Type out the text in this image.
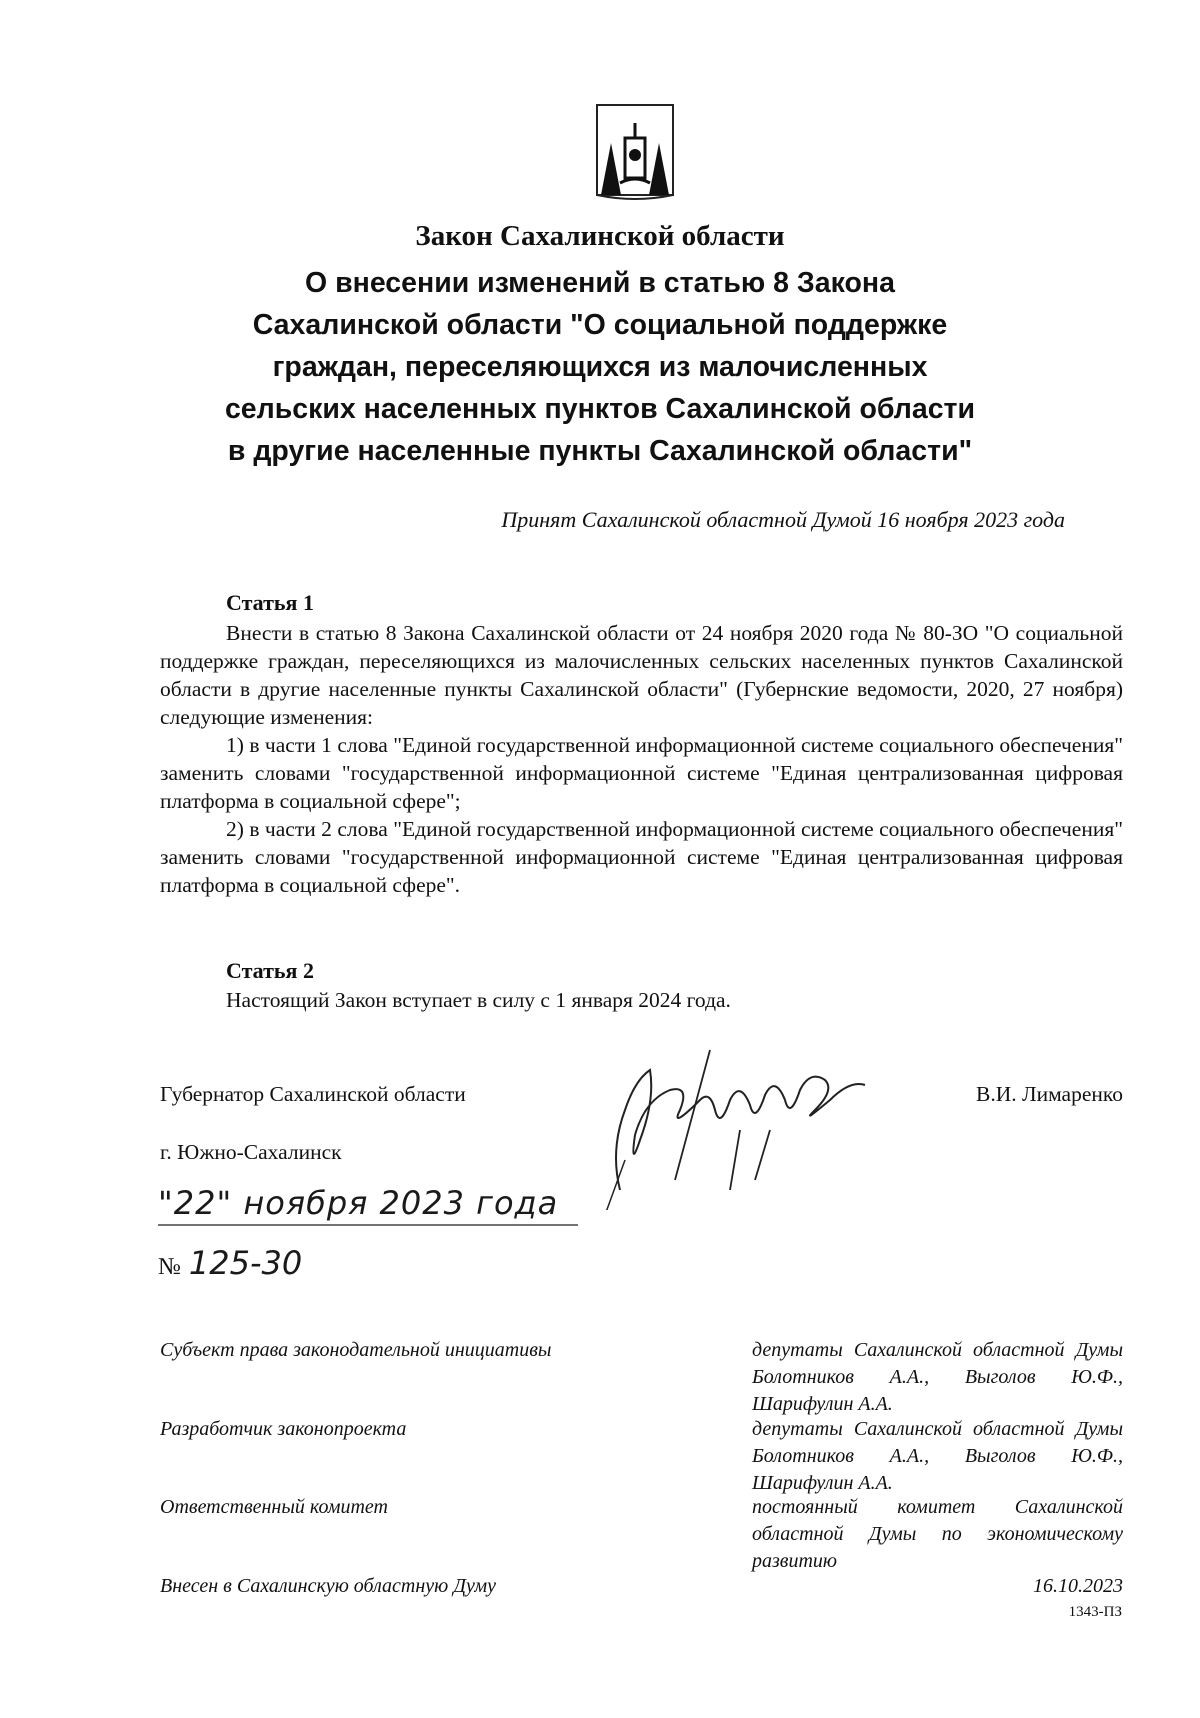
Закон Сахалинской области
О внесении изменений в статью 8 Закона
Сахалинской области "О социальной поддержке
граждан, переселяющихся из малочисленных
сельских населенных пунктов Сахалинской области
в другие населенные пункты Сахалинской области"
Принят Сахалинской областной Думой 16 ноября 2023 года
Статья 1

Внести в статью 8 Закона Сахалинской области от 24 ноября 2020 года № 80-ЗО "О социальной поддержке граждан, переселяющихся из малочисленных сельских населенных пунктов Сахалинской области в другие населенные пункты Сахалинской области" (Губернские ведомости, 2020, 27 ноября) следующие изменения:

1) в части 1 слова "Единой государственной информационной системе социального обеспечения" заменить словами "государственной информационной системе "Единая централизованная цифровая платформа в социальной сфере";

2) в части 2 слова "Единой государственной информационной системе социального обеспечения" заменить словами "государственной информационной системе "Единая централизованная цифровая платформа в социальной сфере".

Статья 2

Настоящий Закон вступает в силу с 1 января 2024 года.

Губернатор Сахалинской области	В.И. Лимаренко
г. Южно-Сахалинск
"22" ноября 2023 года
№ 125-30
Субъект права законодательной инициативы	депутаты Сахалинской областной Думы Болотников А.А., Выголов Ю.Ф., Шарифулин А.А.
Разработчик законопроекта	депутаты Сахалинской областной Думы Болотников А.А., Выголов Ю.Ф., Шарифулин А.А.
Ответственный комитет	постоянный комитет Сахалинской областной Думы по экономическому развитию
Внесен в Сахалинскую областную Думу	16.10.2023
1343-ПЗ
